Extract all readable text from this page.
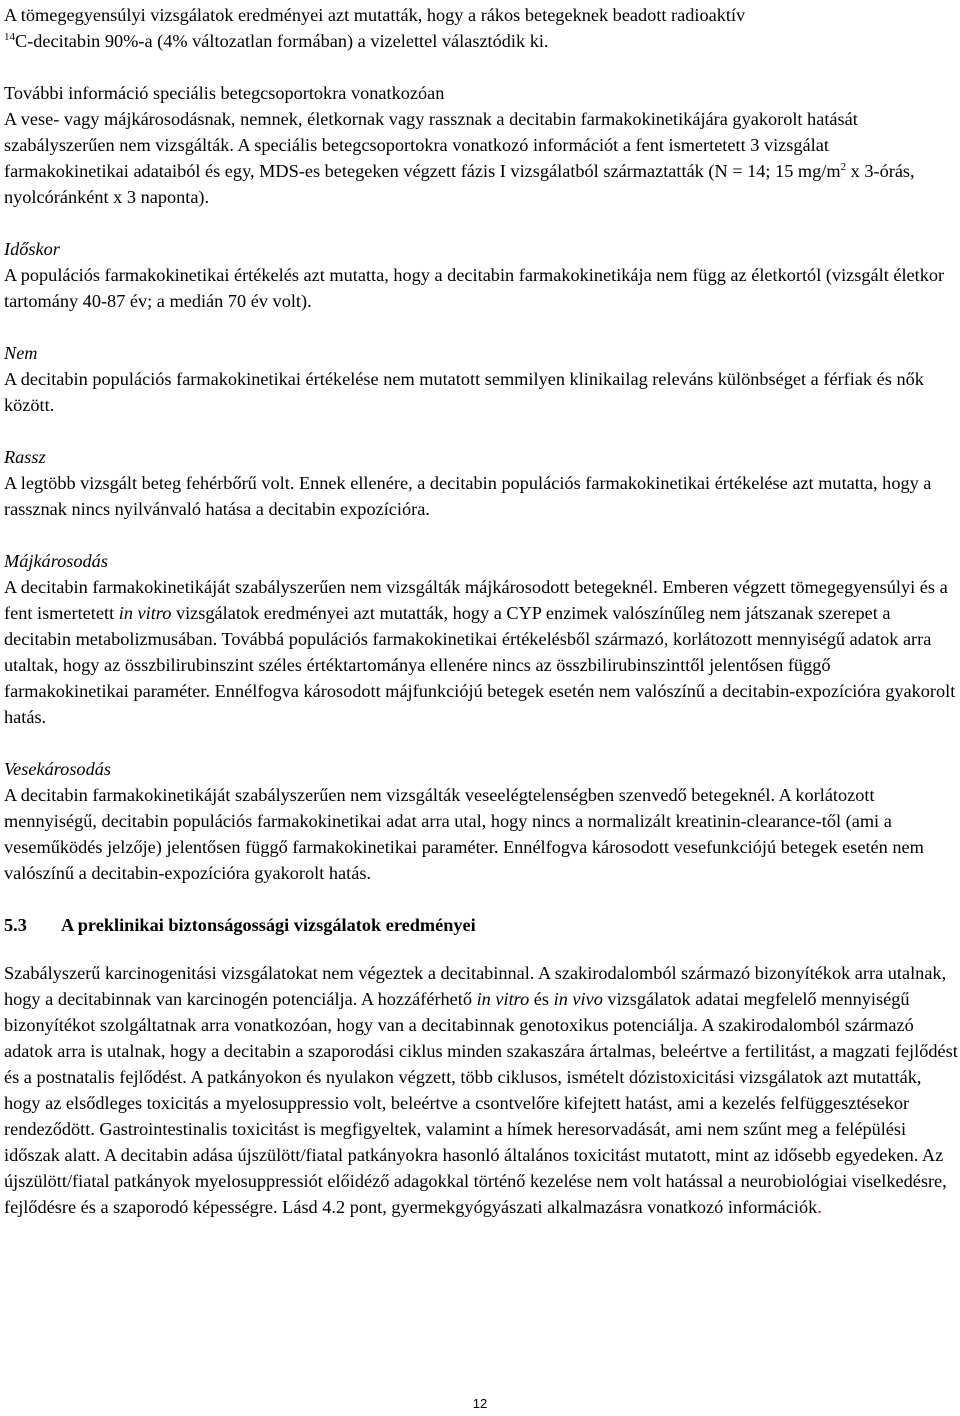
A tömegegyensúlyi vizsgálatok eredményei azt mutatták, hogy a rákos betegeknek beadott radioaktív
$^{14}$C-decitabin 90%-a (4% változatlan formában) a vizelettel választódik ki.

További információ speciális betegcsoportokra vonatkozóan

A vese- vagy májkárosodásnak, nemnek, életkornak vagy rassznak a decitabin farmakokinetikájára gyakorolt hatását szabályszerűen nem vizsgálták. A speciális betegcsoportokra vonatkozó információt a fent ismertetett 3 vizsgálat farmakokinetikai adataiból és egy, MDS-es betegeken végzett fázis I vizsgálatból származtatták (N = 14; 15 $mg/m^2$ x 3-órás, nyolcóránként x 3 naponta).

Időskor

A populációs farmakokinetikai értékelés azt mutatta, hogy a decitabin farmakokinetikája nem függ az életkortól (vizsgált életkor tartomány 40-87 év; a medián 70 év volt).

Nem

A decitabin populációs farmakokinetikai értékelése nem mutatott semmilyen klinikailag releváns különbséget a férfiak és nők között.

Rassz

A legtöbb vizsgált beteg fehérbőrű volt. Ennek ellenére, a decitabin populációs farmakokinetikai értékelése azt mutatta, hogy a rassznak nincs nyilvánvaló hatása a decitabin expozícióra.

Májkárosodás

A decitabin farmakokinetikáját szabályszerűen nem vizsgálták májkárosodott betegeknél. Emberen végzett tömegegyensúlyi és a fent ismertetett in vitro vizsgálatok eredményei azt mutatták, hogy a CYP enzimek valószínűleg nem játszanak szerepet a decitabin metabolizmusában. Továbbá populációs farmakokinetikai értékelésből származó, korlátozott mennyiségű adatok arra utaltak, hogy az összbilirubinszint széles értéktartománya ellenére nincs az összbilirubinszinttől jelentősen függő farmakokinetikai paraméter. Ennélfogva károsodott májfunkciójú betegek esetén nem valószínű a decitabin-expozícióra gyakorolt hatás.

Vesekárosodás

A decitabin farmakokinetikáját szabályszerűen nem vizsgálták veseelégtelenségben szenvedő betegeknél. A korlátozott mennyiségű, decitabin populációs farmakokinetikai adat arra utal, hogy nincs a normalizált kreatinin-clearance-től (ami a veseműködés jelzője) jelentősen függő farmakokinetikai paraméter. Ennélfogva károsodott vesefunkciójú betegek esetén nem valószínű a decitabin-expozícióra gyakorolt hatás.

5.3	A preklinikai biztonságossági vizsgálatok eredményei

Szabályszerű karcinogenitási vizsgálatokat nem végeztek a decitabinnal. A szakirodalomból származó bizonyítékok arra utalnak, hogy a decitabinnak van karcinogén potenciálja. A hozzáférhető in vitro és in vivo vizsgálatok adatai megfelelő mennyiségű bizonyítékot szolgáltatnak arra vonatkozóan, hogy van a decitabinnak genotoxikus potenciálja. A szakirodalomból származó adatok arra is utalnak, hogy a decitabin a szaporodási ciklus minden szakaszára ártalmas, beleértve a fertilitást, a magzati fejlődést és a postnatalis fejlődést. A patkányokon és nyulakon végzett, több ciklusos, ismételt dózistoxicitási vizsgálatok azt mutatták, hogy az elsődleges toxicitás a myelosuppressio volt, beleértve a csontvelőre kifejtett hatást, ami a kezelés felfüggesztésekor rendeződött. Gastrointestinalis toxicitást is megfigyeltek, valamint a hímek heresorvadását, ami nem szűnt meg a felépülési időszak alatt. A decitabin adása újszülött/fiatal patkányokra hasonló általános toxicitást mutatott, mint az idősebb egyedeken. Az újszülött/fiatal patkányok myelosuppressiót előidéző adagokkal történő kezelése nem volt hatással a neurobiológiai viselkedésre, fejlődésre és a szaporodó képességre. Lásd 4.2 pont, gyermekgyógyászati alkalmazásra vonatkozó információk.

12
